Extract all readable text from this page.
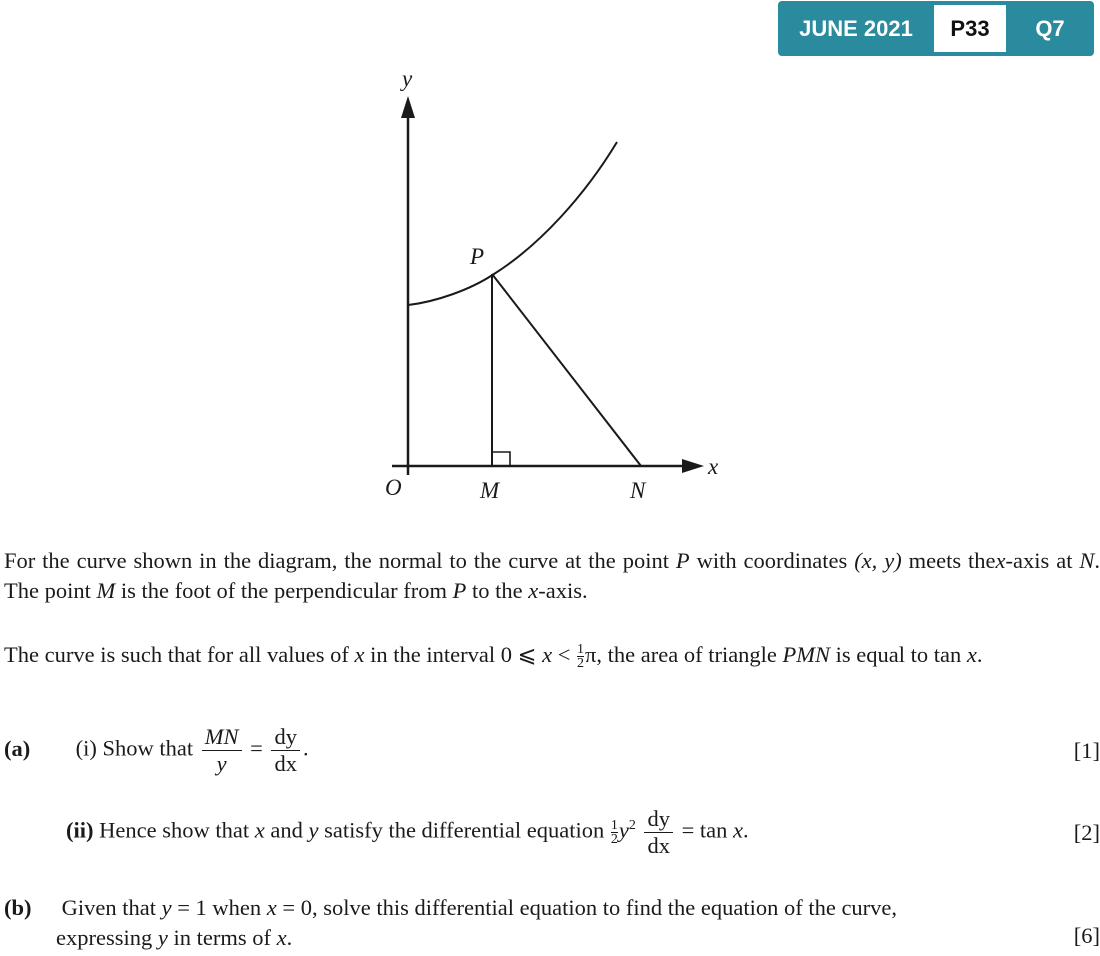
JUNE 2021	P33	Q7
y
x
O
P
M	N
For the curve shown in the diagram, the normal to the curve at the point P with coordinates (x, y) meets thex-axis at N. The point M is the foot of the perpendicular from P to the x-axis.
The curve is such that for all values of x in the interval 0 ⩽ $x < \frac{1}{2} \pi$, the area of triangle PMN is equal to tan x.
(a) (i) Show that $\frac{MN}{y} = \frac{dy}{dx}$ .	[1]
(ii) Hence show that x and y satisfy the differential equation $\frac{1}{2} y^2 \frac{dy}{dx} = \tan x$.	[2]
(b) Given that y = 1 when x = 0, solve this differential equation to find the equation of the curve,
expressing y in terms of x.	[6]
